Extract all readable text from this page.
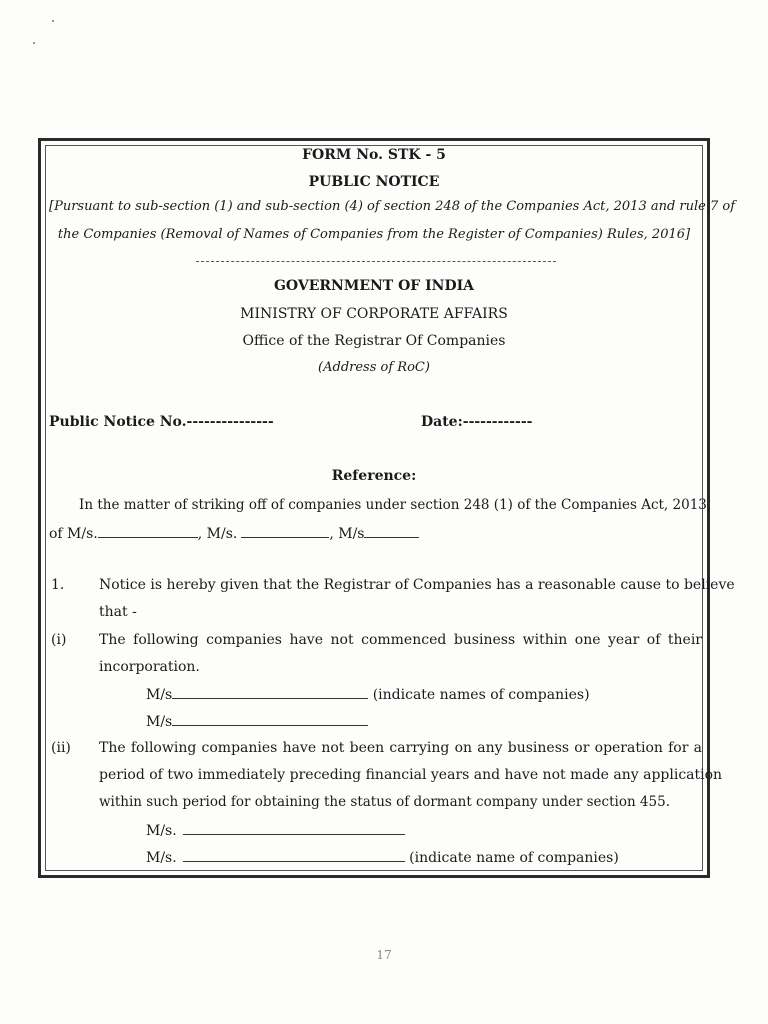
FORM No. STK - 5
PUBLIC NOTICE
[Pursuant to sub-section (1) and sub-section (4) of section 248 of the Companies Act, 2013 and rule 7 of
the Companies (Removal of Names of Companies from the Register of Companies) Rules, 2016]
GOVERNMENT OF INDIA
MINISTRY OF CORPORATE AFFAIRS
Office of the Registrar Of Companies
(Address of RoC)
Public Notice No.---------------	Date:------------
Reference:
In the matter of striking off of companies under section 248 (1) of the Companies Act, 2013,
of M/s.	, M/s.	, M/s
1. Notice is hereby given that the Registrar of Companies has a reasonable cause to believe
that -
(i) The following companies have not commenced business within one year of their
incorporation.
M/s	(indicate names of companies)
M/s
(ii) The following companies have not been carrying on any business or operation for a
period of two immediately preceding financial years and have not made any application
within such period for obtaining the status of dormant company under section 455.
M/s.
M/s.	(indicate name of companies)
17
